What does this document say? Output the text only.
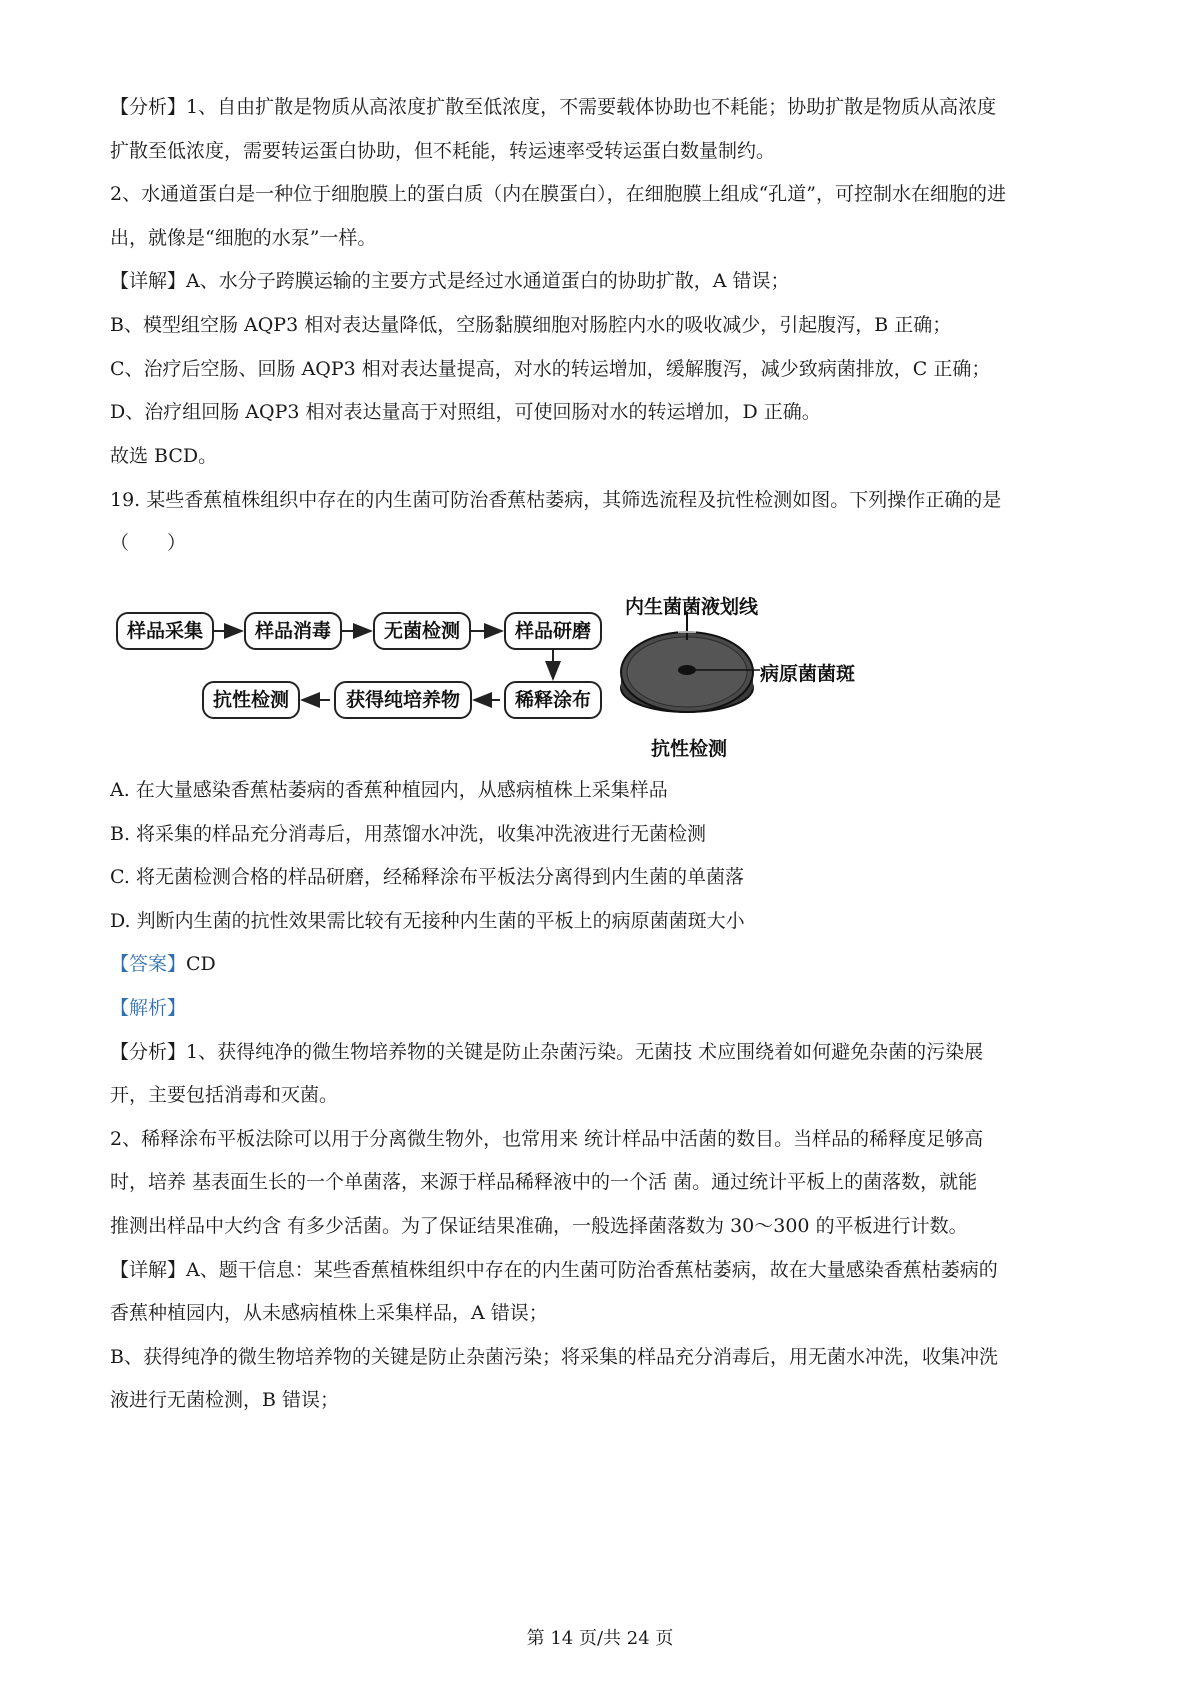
【分析】1、自由扩散是物质从高浓度扩散至低浓度，不需要载体协助也不耗能；协助扩散是物质从高浓度
扩散至低浓度，需要转运蛋白协助，但不耗能，转运速率受转运蛋白数量制约。
2、水通道蛋白是一种位于细胞膜上的蛋白质（内在膜蛋白），在细胞膜上组成“孔道”，可控制水在细胞的进
出，就像是“细胞的水泵”一样。
【详解】A、水分子跨膜运输的主要方式是经过水通道蛋白的协助扩散，A 错误；
B、模型组空肠 AQP3 相对表达量降低，空肠黏膜细胞对肠腔内水的吸收减少，引起腹泻，B 正确；
C、治疗后空肠、回肠 AQP3 相对表达量提高，对水的转运增加，缓解腹泻，减少致病菌排放，C 正确；
D、治疗组回肠 AQP3 相对表达量高于对照组，可使回肠对水的转运增加，D 正确。
故选 BCD。
19. 某些香蕉植株组织中存在的内生菌可防治香蕉枯萎病，其筛选流程及抗性检测如图。下列操作正确的是
（　　）
样品采集	样品消毒	无菌检测	样品研磨
稀释涂布
获得纯培养物
抗性检测
内生菌菌液划线
病原菌菌斑
抗性检测
A. 在大量感染香蕉枯萎病的香蕉种植园内，从感病植株上采集样品
B. 将采集的样品充分消毒后，用蒸馏水冲洗，收集冲洗液进行无菌检测
C. 将无菌检测合格的样品研磨，经稀释涂布平板法分离得到内生菌的单菌落
D. 判断内生菌的抗性效果需比较有无接种内生菌的平板上的病原菌菌斑大小
【答案】CD
【解析】
【分析】1、获得纯净的微生物培养物的关键是防止杂菌污染。无菌技 术应围绕着如何避免杂菌的污染展
开，主要包括消毒和灭菌。
2、稀释涂布平板法除可以用于分离微生物外，也常用来 统计样品中活菌的数目。当样品的稀释度足够高
时，培养 基表面生长的一个单菌落，来源于样品稀释液中的一个活 菌。通过统计平板上的菌落数，就能
推测出样品中大约含 有多少活菌。为了保证结果准确，一般选择菌落数为 30～300 的平板进行计数。
【详解】A、题干信息：某些香蕉植株组织中存在的内生菌可防治香蕉枯萎病，故在大量感染香蕉枯萎病的
香蕉种植园内，从未感病植株上采集样品，A 错误；
B、获得纯净的微生物培养物的关键是防止杂菌污染；将采集的样品充分消毒后，用无菌水冲洗，收集冲洗
液进行无菌检测，B 错误；
第 14 页/共 24 页
